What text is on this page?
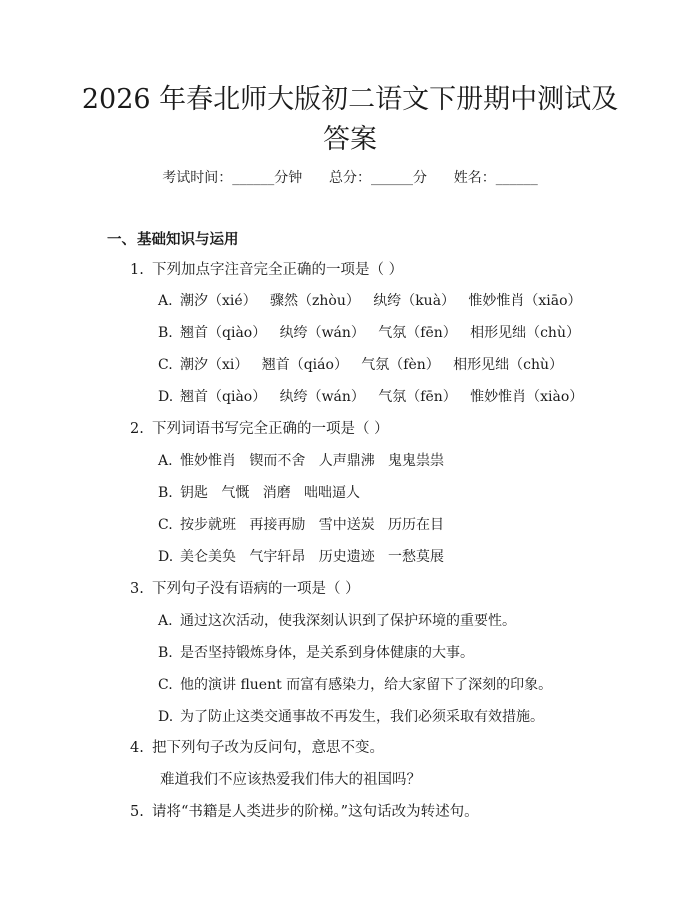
2026 年春北师大版初二语文下册期中测试及
答案
考试时间：______分钟      总分：______分      姓名：______
一、基础知识与运用
1. 下列加点字注音完全正确的一项是（ ）
A. 潮汐（xié）   骤然（zhòu）   纨绔（kuà）   惟妙惟肖（xiāo）
B. 翘首（qiào）   纨绔（wán）   气氛（fēn）   相形见绌（chù）
C. 潮汐（xi）   翘首（qiáo）   气氛（fèn）   相形见绌（chù）
D. 翘首（qiào）   纨绔（wán）   气氛（fēn）   惟妙惟肖（xiào）
2. 下列词语书写完全正确的一项是（ ）
A. 惟妙惟肖   锲而不舍   人声鼎沸   鬼鬼祟祟
B. 钥匙   气慨   消磨   咄咄逼人
C. 按步就班   再接再励   雪中送炭   历历在目
D. 美仑美奂   气宇轩昂   历史遗迹   一愁莫展
3. 下列句子没有语病的一项是（ ）
A. 通过这次活动，使我深刻认识到了保护环境的重要性。
B. 是否坚持锻炼身体，是关系到身体健康的大事。
C. 他的演讲 fluent 而富有感染力，给大家留下了深刻的印象。
D. 为了防止这类交通事故不再发生，我们必须采取有效措施。
4. 把下列句子改为反问句，意思不变。
难道我们不应该热爱我们伟大的祖国吗？
5. 请将“书籍是人类进步的阶梯。”这句话改为转述句。
